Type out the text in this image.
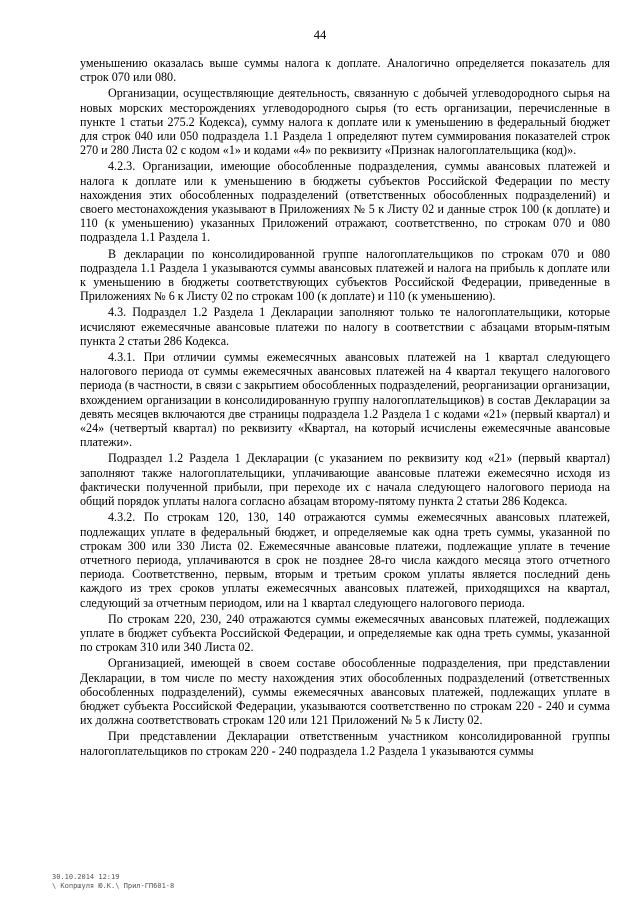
44

уменьшению оказалась выше суммы налога к доплате. Аналогично определяется показатель для строк 070 или 080.

Организации, осуществляющие деятельность, связанную с добычей углеводородного сырья на новых морских месторождениях углеводородного сырья (то есть организации, перечисленные в пункте 1 статьи 275.2 Кодекса), сумму налога к доплате или к уменьшению в федеральный бюджет для строк 040 или 050 подраздела 1.1 Раздела 1 определяют путем суммирования показателей строк 270 и 280 Листа 02 с кодом «1» и кодами «4» по реквизиту «Признак налогоплательщика (код)».

4.2.3. Организации, имеющие обособленные подразделения, суммы авансовых платежей и налога к доплате или к уменьшению в бюджеты субъектов Российской Федерации по месту нахождения этих обособленных подразделений (ответственных обособленных подразделений) и своего местонахождения указывают в Приложениях № 5 к Листу 02 и данные строк 100 (к доплате) и 110 (к уменьшению) указанных Приложений отражают, соответственно, по строкам 070 и 080 подраздела 1.1 Раздела 1.

В декларации по консолидированной группе налогоплательщиков по строкам 070 и 080 подраздела 1.1 Раздела 1 указываются суммы авансовых платежей и налога на прибыль к доплате или к уменьшению в бюджеты соответствующих субъектов Российской Федерации, приведенные в Приложениях № 6 к Листу 02 по строкам 100 (к доплате) и 110 (к уменьшению).

4.3. Подраздел 1.2 Раздела 1 Декларации заполняют только те налогоплательщики, которые исчисляют ежемесячные авансовые платежи по налогу в соответствии с абзацами вторым-пятым пункта 2 статьи 286 Кодекса.

4.3.1. При отличии суммы ежемесячных авансовых платежей на 1 квартал следующего налогового периода от суммы ежемесячных авансовых платежей на 4 квартал текущего налогового периода (в частности, в связи с закрытием обособленных подразделений, реорганизации организации, вхождением организации в консолидированную группу налогоплательщиков) в состав Декларации за девять месяцев включаются две страницы подраздела 1.2 Раздела 1 с кодами «21» (первый квартал) и «24» (четвертый квартал) по реквизиту «Квартал, на который исчислены ежемесячные авансовые платежи».

Подраздел 1.2 Раздела 1 Декларации (с указанием по реквизиту код «21» (первый квартал) заполняют также налогоплательщики, уплачивающие авансовые платежи ежемесячно исходя из фактически полученной прибыли, при переходе их с начала следующего налогового периода на общий порядок уплаты налога согласно абзацам второму-пятому пункта 2 статьи 286 Кодекса.

4.3.2. По строкам 120, 130, 140 отражаются суммы ежемесячных авансовых платежей, подлежащих уплате в федеральный бюджет, и определяемые как одна треть суммы, указанной по строкам 300 или 330 Листа 02. Ежемесячные авансовые платежи, подлежащие уплате в течение отчетного периода, уплачиваются в срок не позднее 28-го числа каждого месяца этого отчетного периода. Соответственно, первым, вторым и третьим сроком уплаты является последний день каждого из трех сроков уплаты ежемесячных авансовых платежей, приходящихся на квартал, следующий за отчетным периодом, или на 1 квартал следующего налогового периода.

По строкам 220, 230, 240 отражаются суммы ежемесячных авансовых платежей, подлежащих уплате в бюджет субъекта Российской Федерации, и определяемые как одна треть суммы, указанной по строкам 310 или 340 Листа 02.

Организацией, имеющей в своем составе обособленные подразделения, при представлении Декларации, в том числе по месту нахождения этих обособленных подразделений (ответственных обособленных подразделений), суммы ежемесячных авансовых платежей, подлежащих уплате в бюджет субъекта Российской Федерации, указываются соответственно по строкам 220 - 240 и сумма их должна соответствовать строкам 120 или 121 Приложений № 5 к Листу 02.

При представлении Декларации ответственным участником консолидированной группы налогоплательщиков по строкам 220 - 240 подраздела 1.2 Раздела 1 указываются суммы

30.10.2014 12:19
\ Копршуля Ю.К.\ Прил-ГП601-8
